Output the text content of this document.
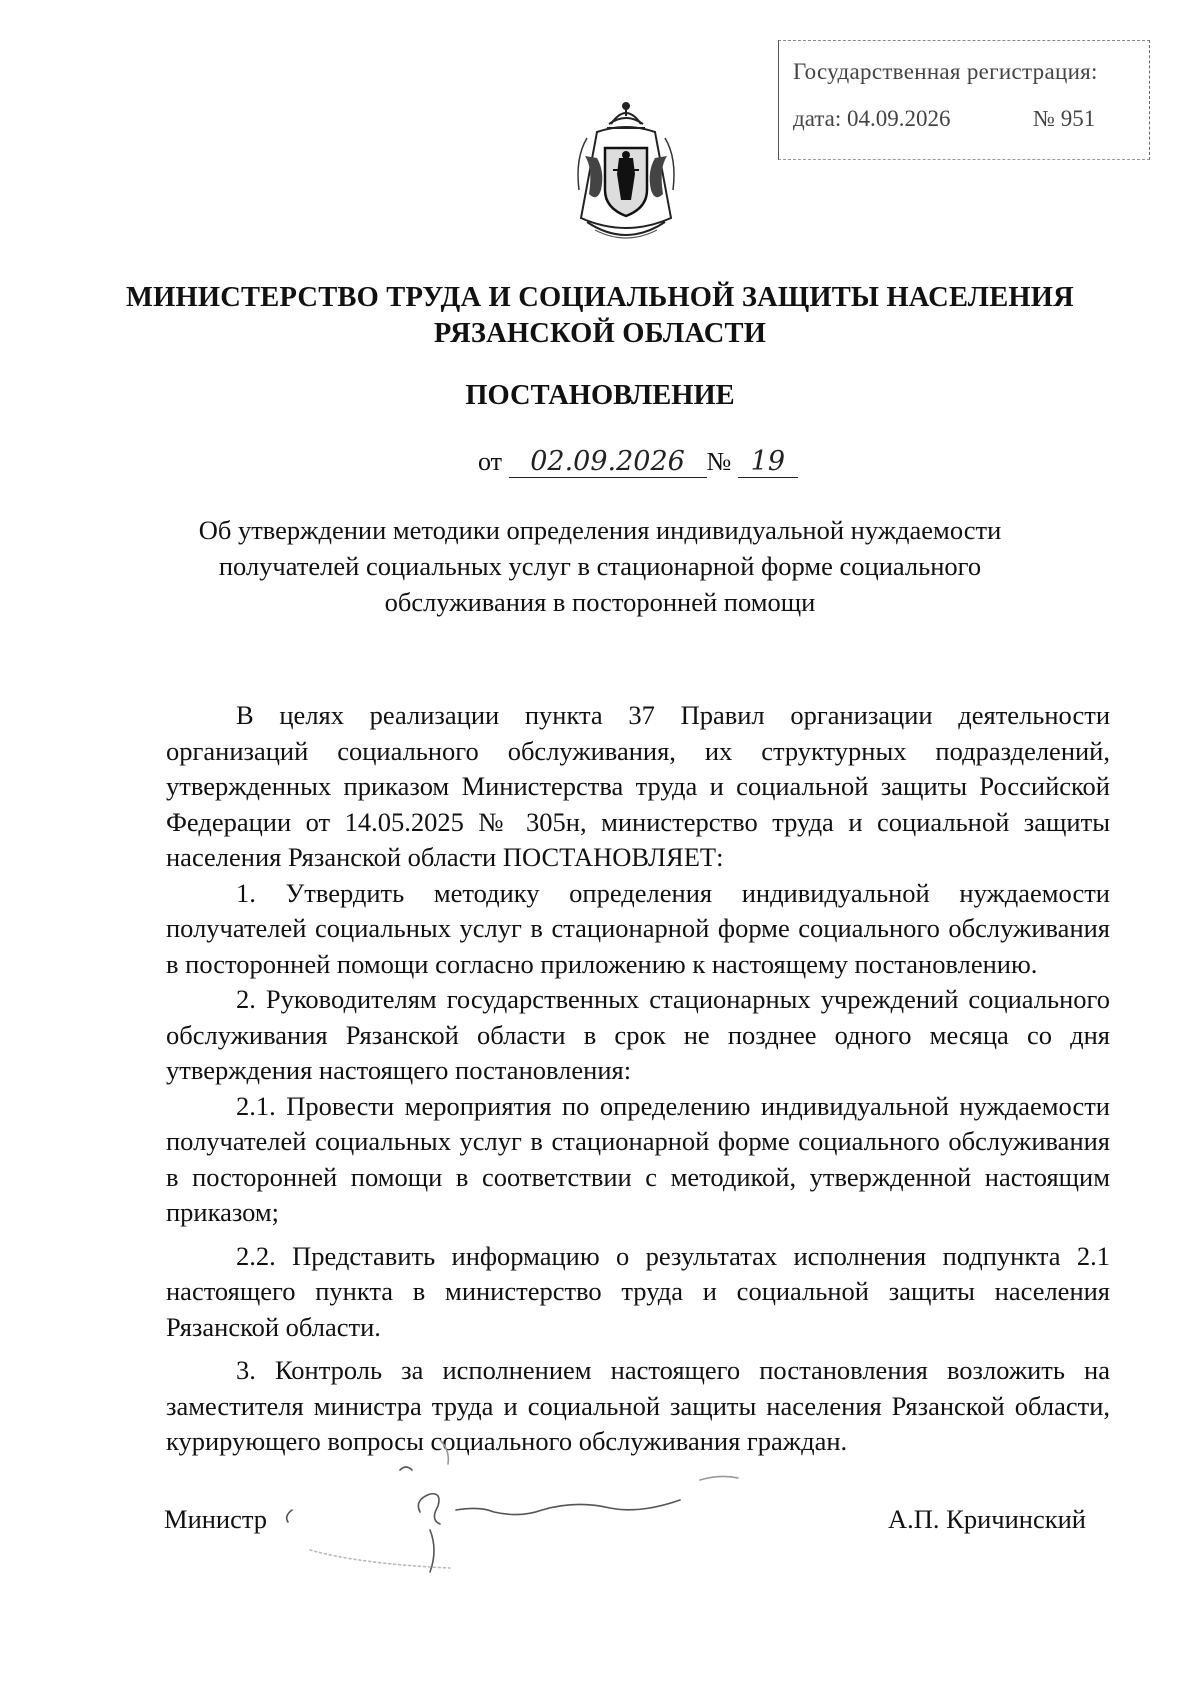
Государственная регистрация:
дата: 04.09.2026	№ 951
МИНИСТЕРСТВО ТРУДА И СОЦИАЛЬНОЙ ЗАЩИТЫ НАСЕЛЕНИЯ
РЯЗАНСКОЙ ОБЛАСТИ
ПОСТАНОВЛЕНИЕ
от 02.09.2026 № 19
Об утверждении методики определения индивидуальной нуждаемости
получателей социальных услуг в стационарной форме социального
обслуживания в посторонней помощи

В целях реализации пункта 37 Правил организации деятельности организаций социального обслуживания, их структурных подразделений, утвержденных приказом Министерства труда и социальной защиты Российской Федерации от 14.05.2025 № 305н, министерство труда и социальной защиты населения Рязанской области ПОСТАНОВЛЯЕТ:

1. Утвердить методику определения индивидуальной нуждаемости получателей социальных услуг в стационарной форме социального обслуживания в посторонней помощи согласно приложению к настоящему постановлению.

2. Руководителям государственных стационарных учреждений социального обслуживания Рязанской области в срок не позднее одного месяца со дня утверждения настоящего постановления:

2.1. Провести мероприятия по определению индивидуальной нуждаемости получателей социальных услуг в стационарной форме социального обслуживания в посторонней помощи в соответствии с методикой, утвержденной настоящим приказом;

2.2. Представить информацию о результатах исполнения подпункта 2.1 настоящего пункта в министерство труда и социальной защиты населения Рязанской области.

3. Контроль за исполнением настоящего постановления возложить на заместителя министра труда и социальной защиты населения Рязанской области, курирующего вопросы социального обслуживания граждан.

Министр	А.П. Кричинский
